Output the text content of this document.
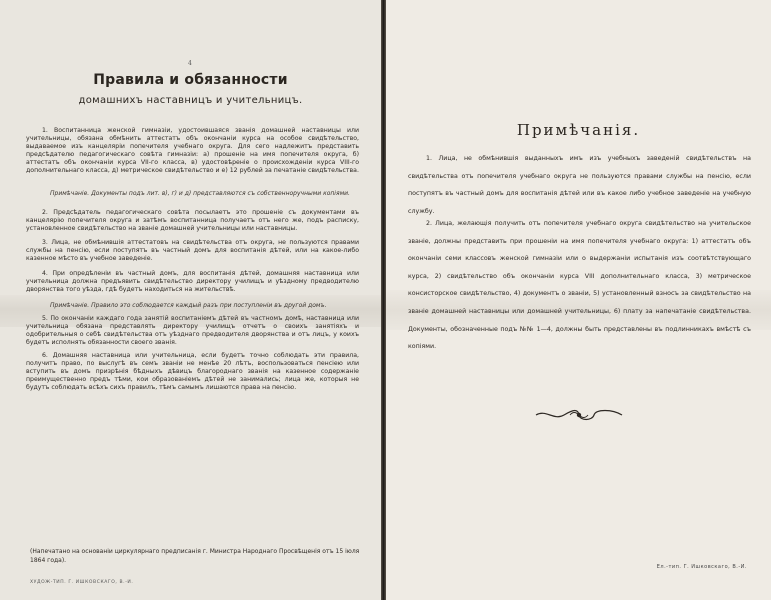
4
Правила и обязанности
домашнихъ наставницъ и учительницъ.
1. Воспитанница женской гимназіи, удостоившаяся званія домашней наставницы или учительницы, обязана обмѣнить аттестатъ объ окончаніи курса на особое свидѣтельство, выдаваемое изъ канцеляріи попечителя учебнаго округа. Для сего надлежитъ представить предсѣдателю педагогическаго совѣта гимназіи: а) прошеніе на имя попечителя округа, б) аттестатъ объ окончаніи курса VII-го класса, в) удостовѣреніе о происхожденіи курса VIII-го дополнительнаго класса, д) метрическое свидѣтельство и е) 12 рублей за печатаніе свидѣтельства.
Примѣчаніе. Документы подъ лит. в), г) и д) представляются съ собственноручными копіями.
2. Предсѣдатель педагогическаго совѣта посылаетъ это прошеніе съ документами въ канцелярію попечителя округа и затѣмъ воспитанница получаетъ отъ него же, подъ расписку, установленное свидѣтельство на званіе домашней учительницы или наставницы.
3. Лица, не обмѣнившія аттестатовъ на свидѣтельства отъ округа, не пользуются правами службы на пенсію, если поступятъ въ частный домъ для воспитанія дѣтей, или на какое-либо казенное мѣсто въ учебное заведеніе.
4. При опредѣленіи въ частный домъ, для воспитанія дѣтей, домашняя наставница или учительница должна предъявить свидѣтельство директору училищъ и уѣздному предводителю дворянства того уѣзда, гдѣ будетъ находиться на жительствѣ.
Примѣчаніе. Правило это соблюдается каждый разъ при поступленіи въ другой домъ.
5. По окончаніи каждаго года занятій воспитаніемъ дѣтей въ частномъ домѣ, наставница или учительница обязана представлять директору училищъ отчетъ о своихъ занятіяхъ и одобрительныя о себѣ свидѣтельства отъ уѣзднаго предводителя дворянства и отъ лицъ, у коихъ будетъ исполнять обязанности своего званія.
6. Домашняя наставница или учительница, если будетъ точно соблюдать эти правила, получитъ право, по выслугѣ въ семъ званіи не менѣе 20 лѣтъ, воспользоваться пенсіею или вступить въ домъ призрѣнія бѣдныхъ дѣвицъ благороднаго званія на казенное содержаніе преимущественно предъ тѣми, кои образованіемъ дѣтей не занимались; лица же, которыя не будутъ соблюдать всѣхъ сихъ правилъ, тѣмъ самымъ лишаются права на пенсію.
(Напечатано на основаніи циркулярнаго предписанія г. Министра Народнаго Просвѣщенія отъ 15 іюля 1864 года).
ХУДОЖ-ТИП. Г. ИШКОВСКАГО, В.-И.
Примѣчанія.
1. Лица, не обмѣнившія выданныхъ имъ изъ учебныхъ заведеній свидѣтельствъ на свидѣтельства отъ попечителя учебнаго округа не пользуются правами службы на пенсію, если поступятъ въ частный домъ для воспитанія дѣтей или въ какое либо учебное заведеніе на учебную службу.
2. Лица, желающія получить отъ попечителя учебнаго округа свидѣтельство на учительское званіе, должны представить при прошеніи на имя попечителя учебнаго округа: 1) аттестатъ объ окончаніи семи классовъ женской гимназіи или о выдержаніи испытанія изъ соотвѣтствующаго курса, 2) свидѣтельство объ окончаніи курса VIII дополнительнаго класса, 3) метрическое консисторское свидѣтельство, 4) документъ о званіи, 5) установленный взносъ за свидѣтельство на званіе домашней наставницы или домашней учительницы, 6) плату за напечатаніе свидѣтельства. Документы, обозначенные подъ №№ 1—4, должны быть представлены въ подлинникахъ вмѣстѣ съ копіями.
Ел.-тип. Г. Ишковскаго, В.-И.
